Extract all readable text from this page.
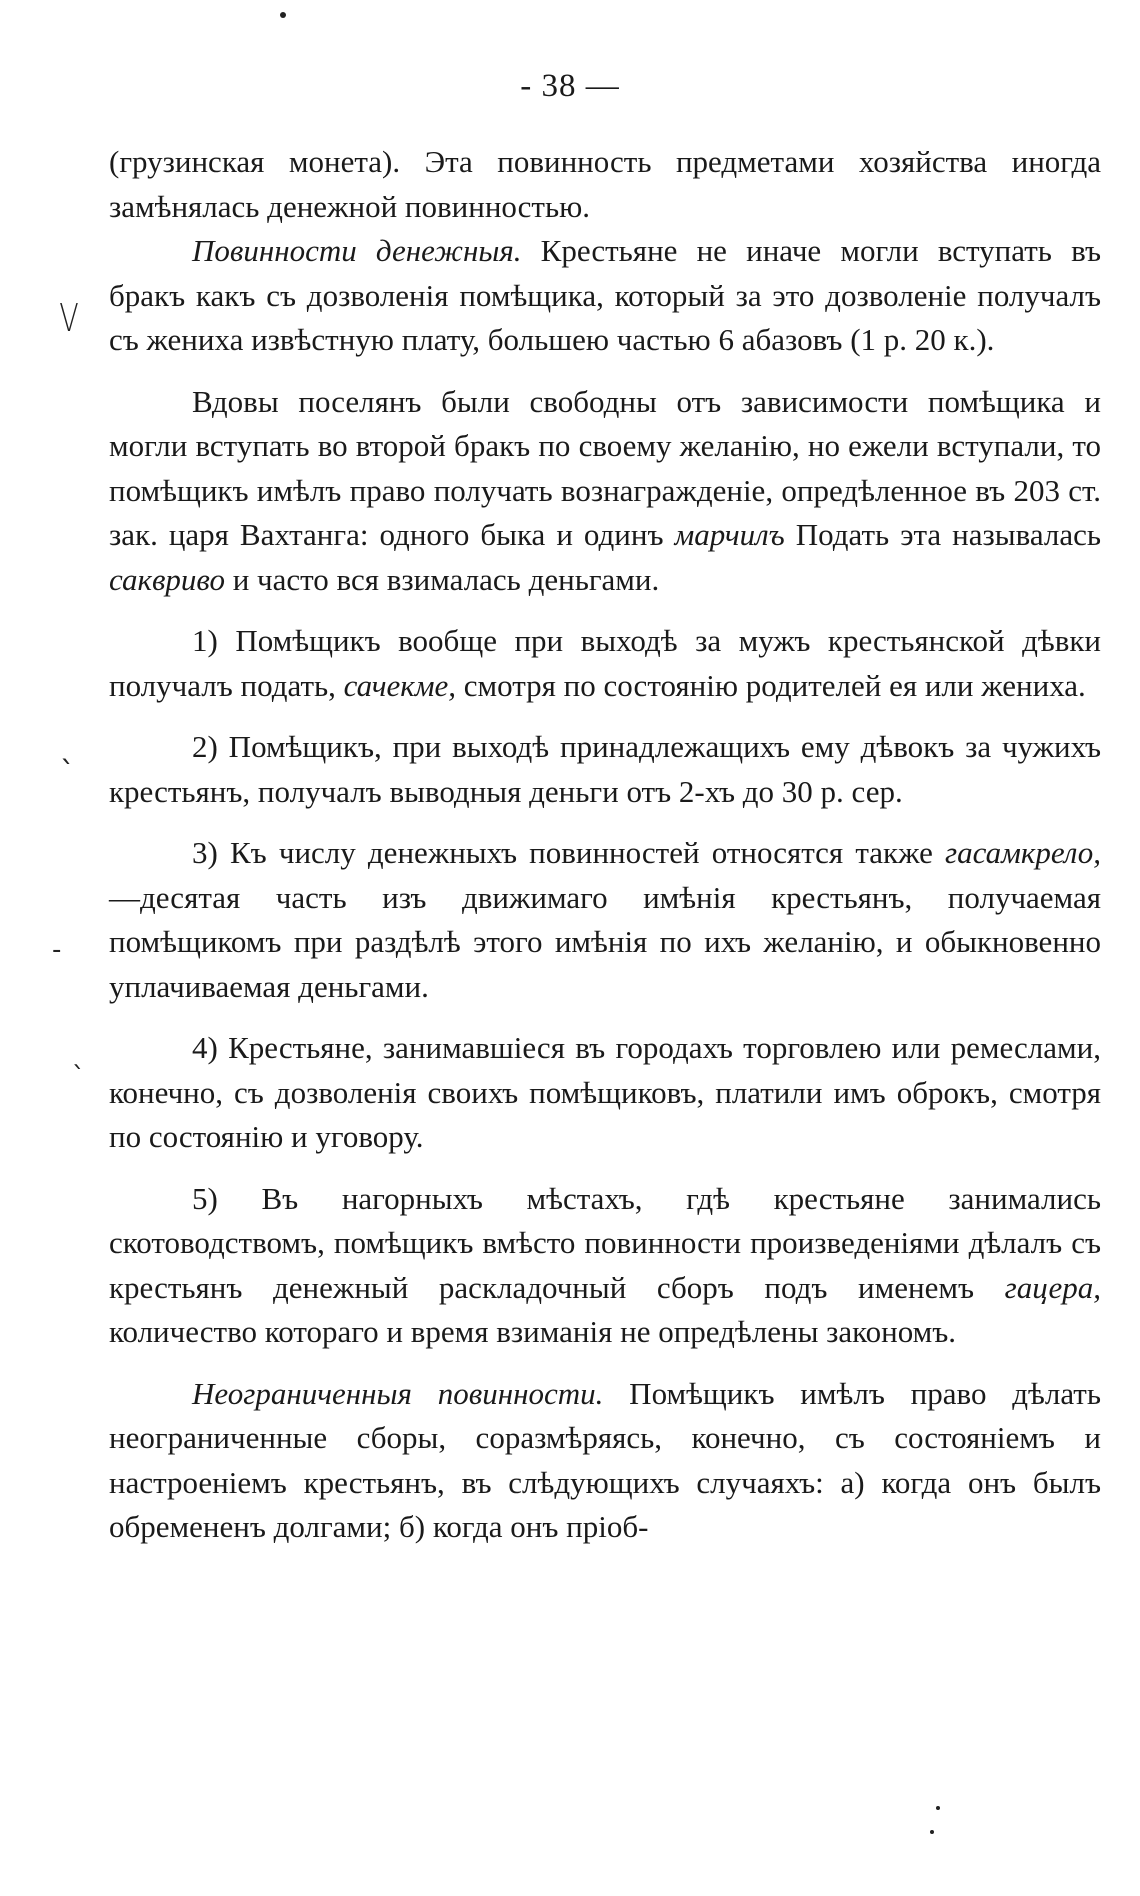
- 38 —

(грузинская монета). Эта повинность предметами хозяйства иногда замѣнялась денежной повинностью.

Повинности денежныя. Крестьяне не иначе могли вступать въ бракъ какъ съ дозволенія помѣщика, который за это дозволеніе получалъ съ жениха извѣстную плату, большею частью 6 абазовъ (1 р. 20 к.).

Вдовы поселянъ были свободны отъ зависимости помѣщика и могли вступать во второй бракъ по своему желанію, но ежели вступали, то помѣщикъ имѣлъ право получать вознагражденіе, опредѣленное въ 203 ст. зак. царя Вахтанга: одного быка и одинъ марчилъ Подать эта называлась саквриво и часто вся взималась деньгами.

1) Помѣщикъ вообще при выходѣ за мужъ крестьянской дѣвки получалъ подать, сачекме, смотря по состоянію родителей ея или жениха.

2) Помѣщикъ, при выходѣ принадлежащихъ ему дѣвокъ за чужихъ крестьянъ, получалъ выводныя деньги отъ 2-хъ до 30 р. сер.

3) Къ числу денежныхъ повинностей относятся также гасамкрело,—десятая часть изъ движимаго имѣнія крестьянъ, получаемая помѣщикомъ при раздѣлѣ этого имѣнія по ихъ желанію, и обыкновенно уплачиваемая деньгами.

4) Крестьяне, занимавшіеся въ городахъ торговлею или ремеслами, конечно, съ дозволенія своихъ помѣщиковъ, платили имъ оброкъ, смотря по состоянію и уговору.

5) Въ нагорныхъ мѣстахъ, гдѣ крестьяне занимались скотоводствомъ, помѣщикъ вмѣсто повинности произведеніями дѣлалъ съ крестьянъ денежный раскладочный сборъ подъ именемъ гацера, количество котораго и время взиманія не опредѣлены закономъ.

Неограниченныя повинности. Помѣщикъ имѣлъ право дѣлать неограниченные сборы, соразмѣряясь, конечно, съ состояніемъ и настроеніемъ крестьянъ, въ слѣдующихъ случаяхъ: а) когда онъ былъ обремененъ долгами; б) когда онъ пріоб-

V
ˎ
-
ˎ
